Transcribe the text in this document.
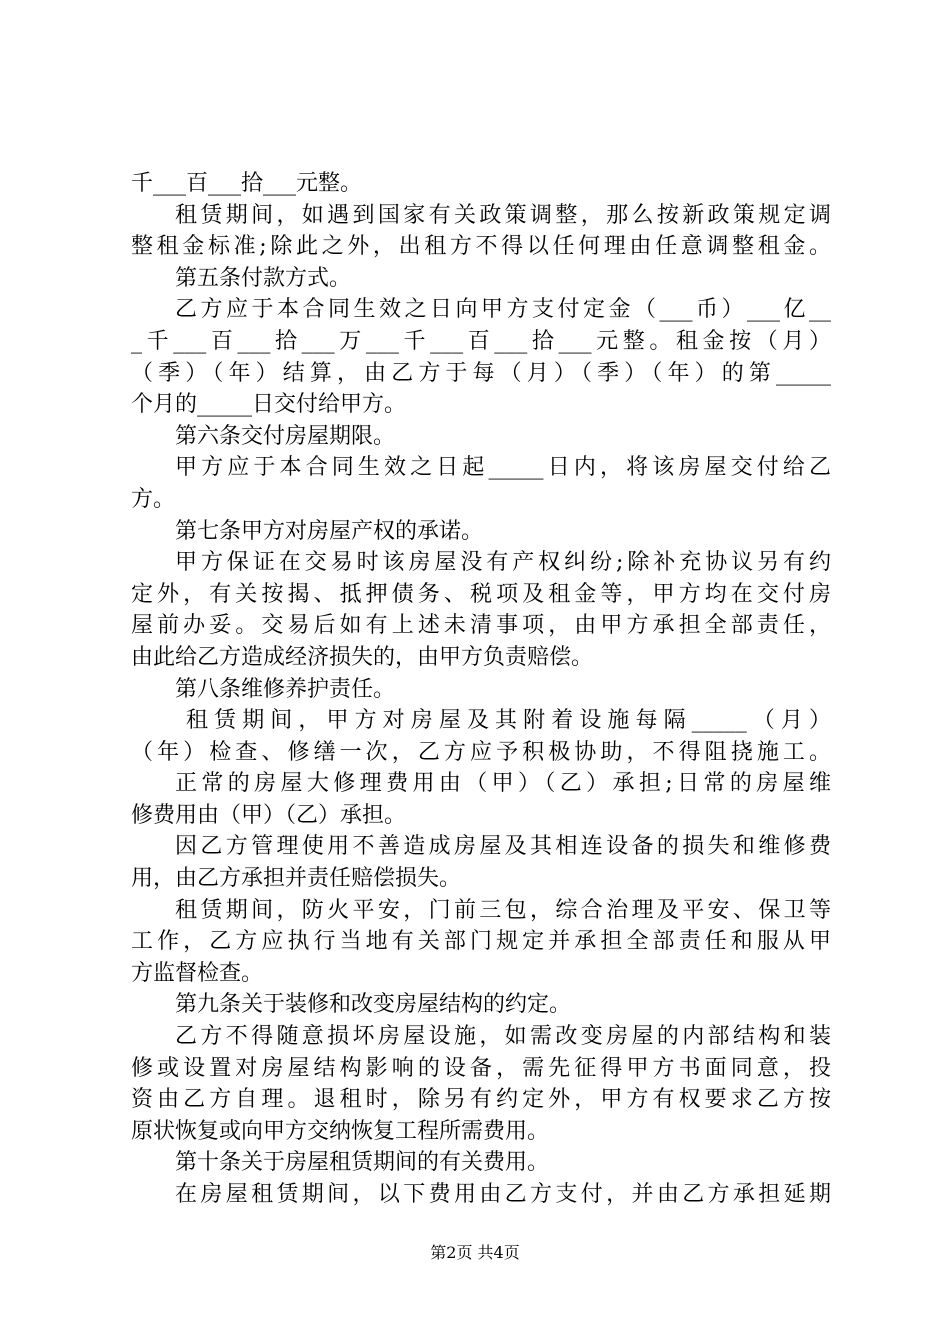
千___百___拾___元整。
租赁期间，如遇到国家有关政策调整，那么按新政策规定调
整租金标准;除此之外，出租方不得以任何理由任意调整租金。
第五条付款方式。
乙方应于本合同生效之日向甲方支付定金（___币）___亿__
_千___百___拾___万___千___百___拾___元整。租金按（月）
（季）（年）结算，由乙方于每（月）（季）（年）的第_____
个月的_____日交付给甲方。
第六条交付房屋期限。
甲方应于本合同生效之日起_____日内，将该房屋交付给乙
方。
第七条甲方对房屋产权的承诺。
甲方保证在交易时该房屋没有产权纠纷;除补充协议另有约
定外，有关按揭、抵押债务、税项及租金等，甲方均在交付房
屋前办妥。交易后如有上述未清事项，由甲方承担全部责任，
由此给乙方造成经济损失的，由甲方负责赔偿。
第八条维修养护责任。
租赁期间，甲方对房屋及其附着设施每隔_____（月）
（年）检查、修缮一次，乙方应予积极协助，不得阻挠施工。
正常的房屋大修理费用由（甲）（乙）承担;日常的房屋维
修费用由（甲）（乙）承担。
因乙方管理使用不善造成房屋及其相连设备的损失和维修费
用，由乙方承担并责任赔偿损失。
租赁期间，防火平安，门前三包，综合治理及平安、保卫等
工作，乙方应执行当地有关部门规定并承担全部责任和服从甲
方监督检查。
第九条关于装修和改变房屋结构的约定。
乙方不得随意损坏房屋设施，如需改变房屋的内部结构和装
修或设置对房屋结构影响的设备，需先征得甲方书面同意，投
资由乙方自理。退租时，除另有约定外，甲方有权要求乙方按
原状恢复或向甲方交纳恢复工程所需费用。
第十条关于房屋租赁期间的有关费用。
在房屋租赁期间，以下费用由乙方支付，并由乙方承担延期
第2页 共4页
